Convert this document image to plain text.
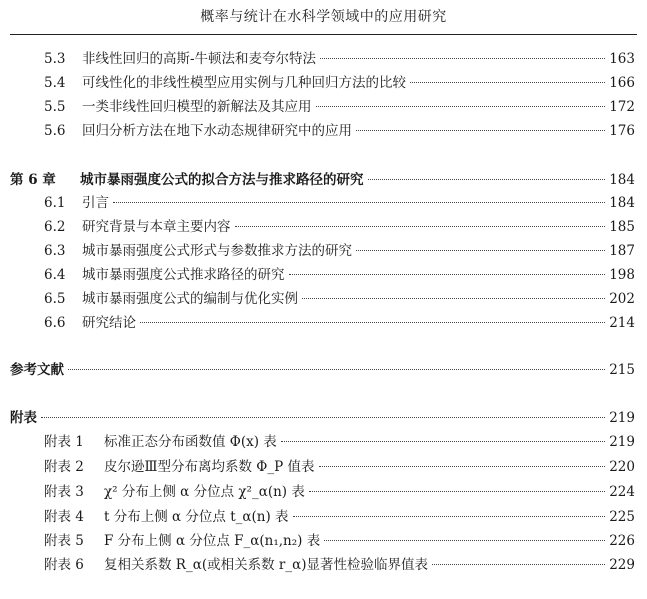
概率与统计在水科学领域中的应用研究
5.3	非线性回归的高斯-牛顿法和麦夸尔特法	163
5.4	可线性化的非线性模型应用实例与几种回归方法的比较	166
5.5	一类非线性回归模型的新解法及其应用	172
5.6	回归分析方法在地下水动态规律研究中的应用	176
第 6 章	城市暴雨强度公式的拟合方法与推求路径的研究	184
6.1	引言	184
6.2	研究背景与本章主要内容	185
6.3	城市暴雨强度公式形式与参数推求方法的研究	187
6.4	城市暴雨强度公式推求路径的研究	198
6.5	城市暴雨强度公式的编制与优化实例	202
6.6	研究结论	214
参考文献	215
附表	219
附表 1	标准正态分布函数值 Φ(x) 表	219
附表 2	皮尔逊Ⅲ型分布离均系数 Φ_P 值表	220
附表 3	χ² 分布上侧 α 分位点 χ²_α(n) 表	224
附表 4	t 分布上侧 α 分位点 t_α(n) 表	225
附表 5	F 分布上侧 α 分位点 F_α(n₁,n₂) 表	226
附表 6	复相关系数 R_α(或相关系数 r_α)显著性检验临界值表	229
